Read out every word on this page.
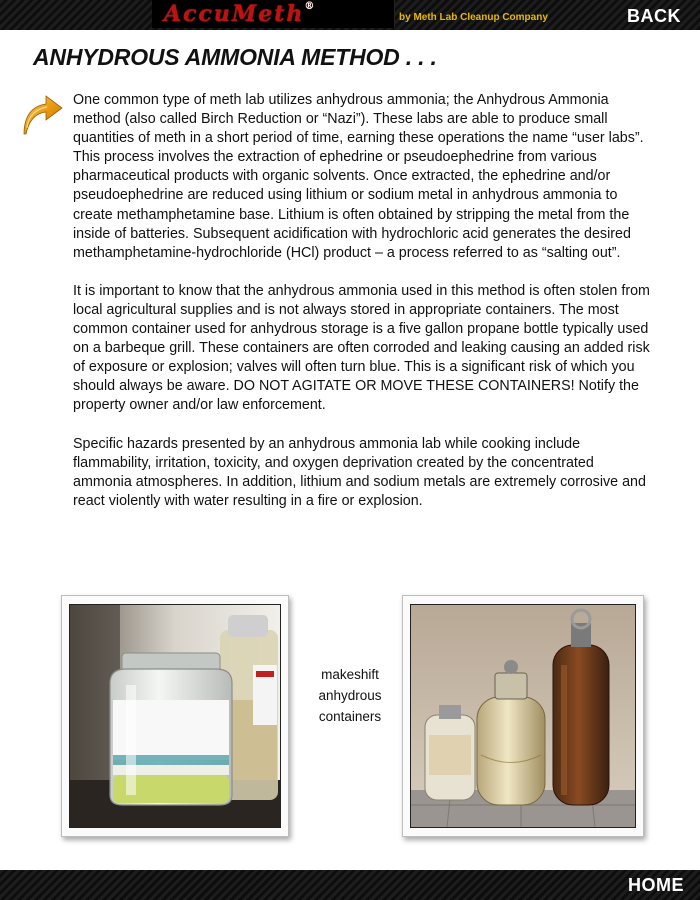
AccuMeth®
by Meth Lab Cleanup Company	BACK
ANHYDROUS AMMONIA METHOD . . .

One common type of meth lab utilizes anhydrous ammonia; the Anhydrous Ammonia method (also called Birch Reduction or “Nazi”). These labs are able to produce small quantities of meth in a short period of time, earning these operations the name “user labs”. This process involves the extraction of ephedrine or pseudoephedrine from various pharmaceutical products with organic solvents. Once extracted, the ephedrine and/or pseudoephedrine are reduced using lithium or sodium metal in anhydrous ammonia to create methamphetamine base. Lithium is often obtained by stripping the metal from the inside of batteries. Subsequent acidification with hydrochloric acid generates the desired methamphetamine-hydrochloride (HCl) product – a process referred to as “salting out”.

It is important to know that the anhydrous ammonia used in this method is often stolen from local agricultural supplies and is not always stored in appropriate containers. The most common container used for anhydrous storage is a five gallon propane bottle typically used on a barbeque grill. These containers are often corroded and leaking causing an added risk of exposure or explosion; valves will often turn blue. This is a significant risk of which you should always be aware. DO NOT AGITATE OR MOVE THESE CONTAINERS! Notify the property owner and/or law enforcement.

Specific hazards presented by an anhydrous ammonia lab while cooking include flammability, irritation, toxicity, and oxygen deprivation created by the concentrated ammonia atmospheres. In addition, lithium and sodium metals are extremely corrosive and react violently with water resulting in a fire or explosion.

makeshift
anhydrous
containers
HOME
